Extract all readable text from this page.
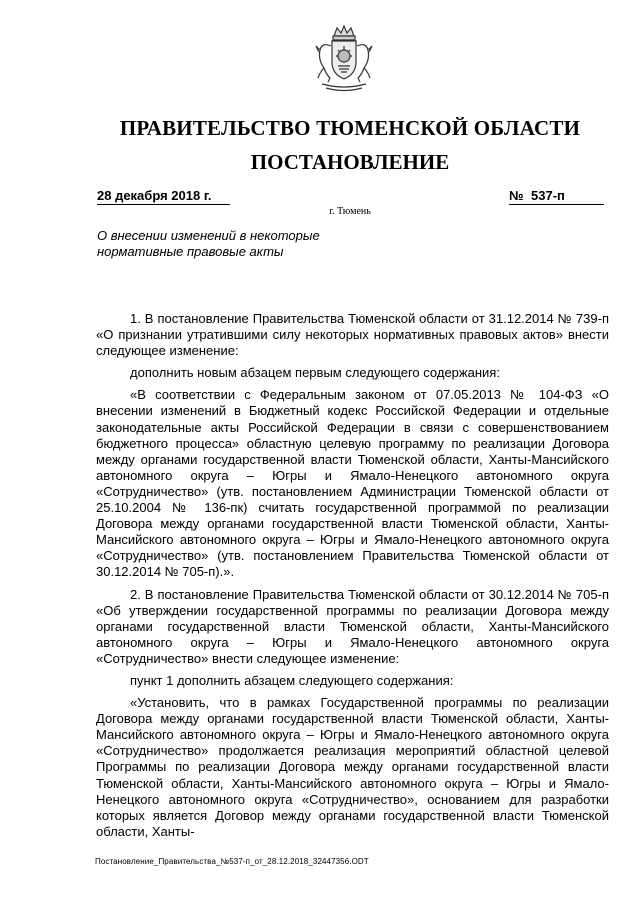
ПРАВИТЕЛЬСТВО ТЮМЕНСКОЙ ОБЛАСТИ
ПОСТАНОВЛЕНИЕ
28 декабря 2018 г.
г. Тюмень
№ 537-п
О внесении изменений в некоторые
нормативные правовые акты

1. В постановление Правительства Тюменской области от 31.12.2014 № 739-п «О признании утратившими силу некоторых нормативных правовых актов» внести следующее изменение:

дополнить новым абзацем первым следующего содержания:

«В соответствии с Федеральным законом от 07.05.2013 № 104-ФЗ «О внесении изменений в Бюджетный кодекс Российской Федерации и отдельные законодательные акты Российской Федерации в связи с совершенствованием бюджетного процесса» областную целевую программу по реализации Договора между органами государственной власти Тюменской области, Ханты-Мансийского автономного округа – Югры и Ямало-Ненецкого автономного округа «Сотрудничество» (утв. постановлением Администрации Тюменской области от 25.10.2004 № 136-пк) считать государственной программой по реализации Договора между органами государственной власти Тюменской области, Ханты-Мансийского автономного округа – Югры и Ямало-Ненецкого автономного округа «Сотрудничество» (утв. постановлением Правительства Тюменской области от 30.12.2014 № 705-п).».

2. В постановление Правительства Тюменской области от 30.12.2014 № 705-п «Об утверждении государственной программы по реализации Договора между органами государственной власти Тюменской области, Ханты-Мансийского автономного округа – Югры и Ямало-Ненецкого автономного округа «Сотрудничество» внести следующее изменение:

пункт 1 дополнить абзацем следующего содержания:

«Установить, что в рамках Государственной программы по реализации Договора между органами государственной власти Тюменской области, Ханты-Мансийского автономного округа – Югры и Ямало-Ненецкого автономного округа «Сотрудничество» продолжается реализация мероприятий областной целевой Программы по реализации Договора между органами государственной власти Тюменской области, Ханты-Мансийского автономного округа – Югры и Ямало-Ненецкого автономного округа «Сотрудничество», основанием для разработки которых является Договор между органами государственной власти Тюменской области, Ханты-

Постановление_Правительства_№537-п_от_28.12.2018_32447356.ODT
